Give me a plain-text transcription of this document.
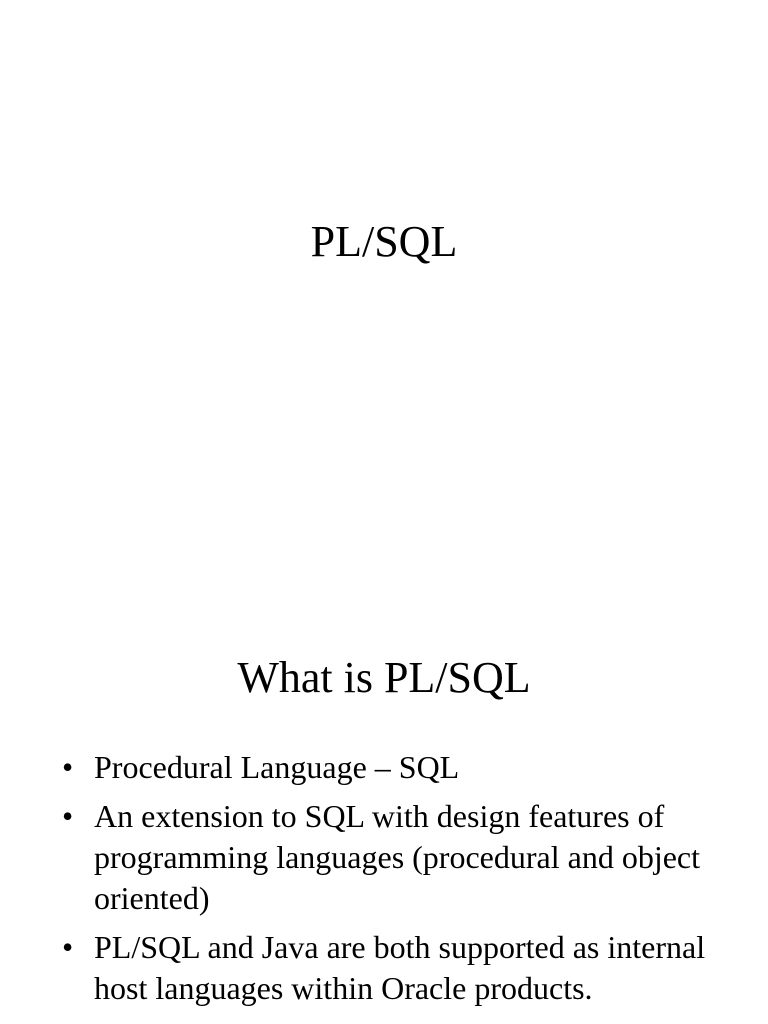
PL/SQL
What is PL/SQL
• Procedural Language – SQL
• An extension to SQL with design features of programming languages (procedural and object oriented)
• PL/SQL and Java are both supported as internal host languages within Oracle products.
